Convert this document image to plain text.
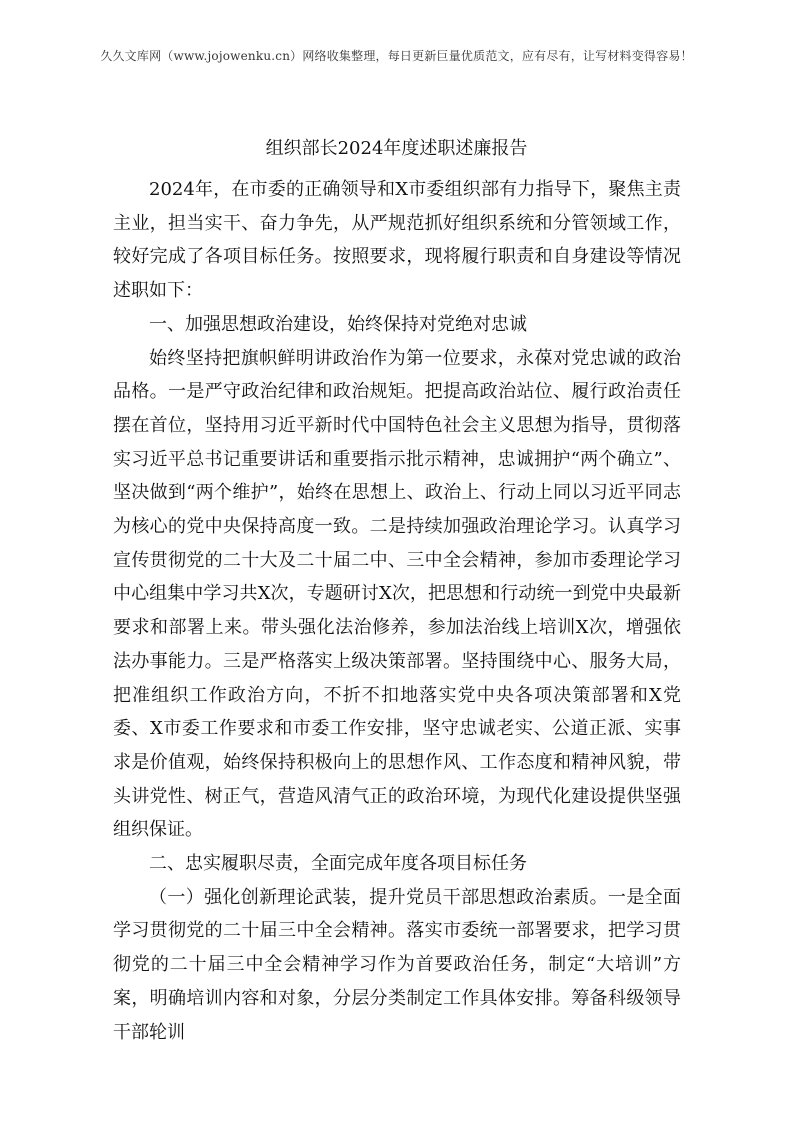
久久文库网（www.jojowenku.cn）网络收集整理，每日更新巨量优质范文，应有尽有，让写材料变得容易！
组织部长2024年度述职述廉报告

2024年，在市委的正确领导和X市委组织部有力指导下，聚焦主责主业，担当实干、奋力争先，从严规范抓好组织系统和分管领域工作，较好完成了各项目标任务。按照要求，现将履行职责和自身建设等情况述职如下：

一、加强思想政治建设，始终保持对党绝对忠诚

始终坚持把旗帜鲜明讲政治作为第一位要求，永葆对党忠诚的政治品格。一是严守政治纪律和政治规矩。把提高政治站位、履行政治责任摆在首位，坚持用习近平新时代中国特色社会主义思想为指导，贯彻落实习近平总书记重要讲话和重要指示批示精神，忠诚拥护“两个确立”、坚决做到“两个维护”，始终在思想上、政治上、行动上同以习近平同志为核心的党中央保持高度一致。二是持续加强政治理论学习。认真学习宣传贯彻党的二十大及二十届二中、三中全会精神，参加市委理论学习中心组集中学习共X次，专题研讨X次，把思想和行动统一到党中央最新要求和部署上来。带头强化法治修养，参加法治线上培训X次，增强依法办事能力。三是严格落实上级决策部署。坚持围绕中心、服务大局，把准组织工作政治方向，不折不扣地落实党中央各项决策部署和X党委、X市委工作要求和市委工作安排，坚守忠诚老实、公道正派、实事求是价值观，始终保持积极向上的思想作风、工作态度和精神风貌，带头讲党性、树正气，营造风清气正的政治环境，为现代化建设提供坚强组织保证。

二、忠实履职尽责，全面完成年度各项目标任务

（一）强化创新理论武装，提升党员干部思想政治素质。一是全面学习贯彻党的二十届三中全会精神。落实市委统一部署要求，把学习贯彻党的二十届三中全会精神学习作为首要政治任务，制定“大培训”方案，明确培训内容和对象，分层分类制定工作具体安排。筹备科级领导干部轮训
